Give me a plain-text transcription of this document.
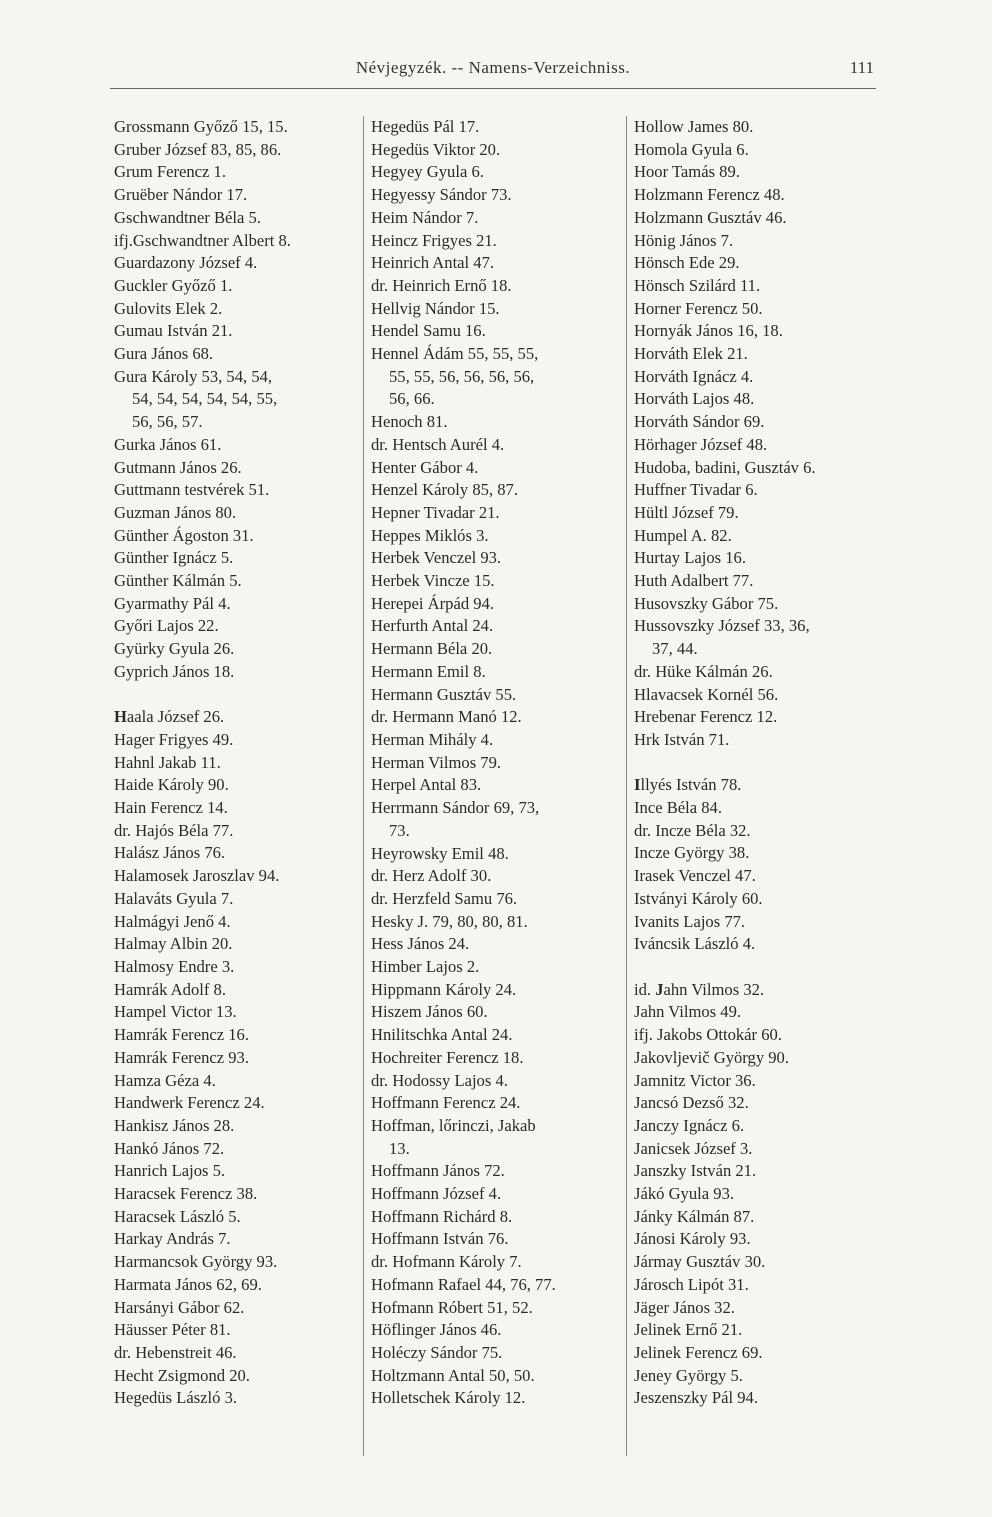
Névjegyzék. -- Namens-Verzeichniss.	111
Grossmann Győző 15, 15.
Gruber József 83, 85, 86.
Grum Ferencz 1.
Gruëber Nándor 17.
Gschwandtner Béla 5.
ifj.Gschwandtner Albert 8.
Guardazony József 4.
Guckler Győző 1.
Gulovits Elek 2.
Gumau István 21.
Gura János 68.
Gura Károly 53, 54, 54,
54, 54, 54, 54, 54, 55,
56, 56, 57.
Gurka János 61.
Gutmann János 26.
Guttmann testvérek 51.
Guzman János 80.
Günther Ágoston 31.
Günther Ignácz 5.
Günther Kálmán 5.
Gyarmathy Pál 4.
Győri Lajos 22.
Gyürky Gyula 26.
Gyprich János 18.
Haala József 26.
Hager Frigyes 49.
Hahnl Jakab 11.
Haide Károly 90.
Hain Ferencz 14.
dr. Hajós Béla 77.
Halász János 76.
Halamosek Jaroszlav 94.
Halaváts Gyula 7.
Halmágyi Jenő 4.
Halmay Albin 20.
Halmosy Endre 3.
Hamrák Adolf 8.
Hampel Victor 13.
Hamrák Ferencz 16.
Hamrák Ferencz 93.
Hamza Géza 4.
Handwerk Ferencz 24.
Hankisz János 28.
Hankó János 72.
Hanrich Lajos 5.
Haracsek Ferencz 38.
Haracsek László 5.
Harkay András 7.
Harmancsok György 93.
Harmata János 62, 69.
Harsányi Gábor 62.
Häusser Péter 81.
dr. Hebenstreit 46.
Hecht Zsigmond 20.
Hegedüs László 3.
Hegedüs Pál 17.
Hegedüs Viktor 20.
Hegyey Gyula 6.
Hegyessy Sándor 73.
Heim Nándor 7.
Heincz Frigyes 21.
Heinrich Antal 47.
dr. Heinrich Ernő 18.
Hellvig Nándor 15.
Hendel Samu 16.
Hennel Ádám 55, 55, 55,
55, 55, 56, 56, 56, 56,
56, 66.
Henoch 81.
dr. Hentsch Aurél 4.
Henter Gábor 4.
Henzel Károly 85, 87.
Hepner Tivadar 21.
Heppes Miklós 3.
Herbek Venczel 93.
Herbek Vincze 15.
Herepei Árpád 94.
Herfurth Antal 24.
Hermann Béla 20.
Hermann Emil 8.
Hermann Gusztáv 55.
dr. Hermann Manó 12.
Herman Mihály 4.
Herman Vilmos 79.
Herpel Antal 83.
Herrmann Sándor 69, 73,
73.
Heyrowsky Emil 48.
dr. Herz Adolf 30.
dr. Herzfeld Samu 76.
Hesky J. 79, 80, 80, 81.
Hess János 24.
Himber Lajos 2.
Hippmann Károly 24.
Hiszem János 60.
Hnilitschka Antal 24.
Hochreiter Ferencz 18.
dr. Hodossy Lajos 4.
Hoffmann Ferencz 24.
Hoffman, lőrinczi, Jakab
13.
Hoffmann János 72.
Hoffmann József 4.
Hoffmann Richárd 8.
Hoffmann István 76.
dr. Hofmann Károly 7.
Hofmann Rafael 44, 76, 77.
Hofmann Róbert 51, 52.
Höflinger János 46.
Holéczy Sándor 75.
Holtzmann Antal 50, 50.
Holletschek Károly 12.
Hollow James 80.
Homola Gyula 6.
Hoor Tamás 89.
Holzmann Ferencz 48.
Holzmann Gusztáv 46.
Hönig János 7.
Hönsch Ede 29.
Hönsch Szilárd 11.
Horner Ferencz 50.
Hornyák János 16, 18.
Horváth Elek 21.
Horváth Ignácz 4.
Horváth Lajos 48.
Horváth Sándor 69.
Hörhager József 48.
Hudoba, badini, Gusztáv 6.
Huffner Tivadar 6.
Hültl József 79.
Humpel A. 82.
Hurtay Lajos 16.
Huth Adalbert 77.
Husovszky Gábor 75.
Hussovszky József 33, 36,
37, 44.
dr. Hüke Kálmán 26.
Hlavacsek Kornél 56.
Hrebenar Ferencz 12.
Hrk István 71.
Illyés István 78.
Ince Béla 84.
dr. Incze Béla 32.
Incze György 38.
Irasek Venczel 47.
Istványi Károly 60.
Ivanits Lajos 77.
Iváncsik László 4.
id. Jahn Vilmos 32.
Jahn Vilmos 49.
ifj. Jakobs Ottokár 60.
Jakovljevič György 90.
Jamnitz Victor 36.
Jancsó Dezső 32.
Janczy Ignácz 6.
Janicsek József 3.
Janszky István 21.
Jákó Gyula 93.
Jánky Kálmán 87.
Jánosi Károly 93.
Jármay Gusztáv 30.
Járosch Lipót 31.
Jäger János 32.
Jelinek Ernő 21.
Jelinek Ferencz 69.
Jeney György 5.
Jeszenszky Pál 94.
